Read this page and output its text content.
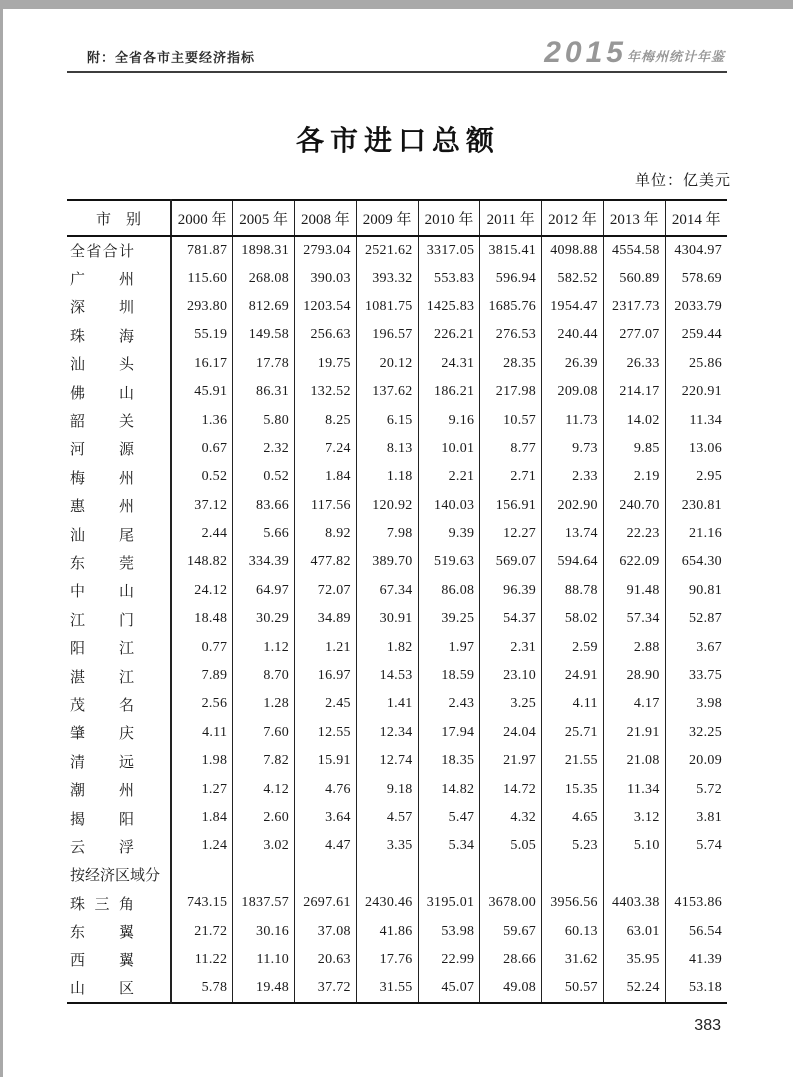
附：全省各市主要经济指标	2015年梅州统计年鉴
各市进口总额
单位：亿美元
市　别	2000 年	2005 年	2008 年	2009 年	2010 年	2011 年	2012 年	2013 年	2014 年

全省合计	781.87	1898.31	2793.04	2521.62	3317.05	3815.41	4098.88	4554.58	4304.97

广州	115.60	268.08	390.03	393.32	553.83	596.94	582.52	560.89	578.69

深圳	293.80	812.69	1203.54	1081.75	1425.83	1685.76	1954.47	2317.73	2033.79

珠海	55.19	149.58	256.63	196.57	226.21	276.53	240.44	277.07	259.44

汕头	16.17	17.78	19.75	20.12	24.31	28.35	26.39	26.33	25.86

佛山	45.91	86.31	132.52	137.62	186.21	217.98	209.08	214.17	220.91

韶关	1.36	5.80	8.25	6.15	9.16	10.57	11.73	14.02	11.34

河源	0.67	2.32	7.24	8.13	10.01	8.77	9.73	9.85	13.06

梅州	0.52	0.52	1.84	1.18	2.21	2.71	2.33	2.19	2.95

惠州	37.12	83.66	117.56	120.92	140.03	156.91	202.90	240.70	230.81

汕尾	2.44	5.66	8.92	7.98	9.39	12.27	13.74	22.23	21.16

东莞	148.82	334.39	477.82	389.70	519.63	569.07	594.64	622.09	654.30

中山	24.12	64.97	72.07	67.34	86.08	96.39	88.78	91.48	90.81

江门	18.48	30.29	34.89	30.91	39.25	54.37	58.02	57.34	52.87

阳江	0.77	1.12	1.21	1.82	1.97	2.31	2.59	2.88	3.67

湛江	7.89	8.70	16.97	14.53	18.59	23.10	24.91	28.90	33.75

茂名	2.56	1.28	2.45	1.41	2.43	3.25	4.11	4.17	3.98

肇庆	4.11	7.60	12.55	12.34	17.94	24.04	25.71	21.91	32.25

清远	1.98	7.82	15.91	12.74	18.35	21.97	21.55	21.08	20.09

潮州	1.27	4.12	4.76	9.18	14.82	14.72	15.35	11.34	5.72

揭阳	1.84	2.60	3.64	4.57	5.47	4.32	4.65	3.12	3.81

云浮	1.24	3.02	4.47	3.35	5.34	5.05	5.23	5.10	5.74

按经济区域分									

珠三角	743.15	1837.57	2697.61	2430.46	3195.01	3678.00	3956.56	4403.38	4153.86

东翼	21.72	30.16	37.08	41.86	53.98	59.67	60.13	63.01	56.54

西翼	11.22	11.10	20.63	17.76	22.99	28.66	31.62	35.95	41.39

山区	5.78	19.48	37.72	31.55	45.07	49.08	50.57	52.24	53.18
383
